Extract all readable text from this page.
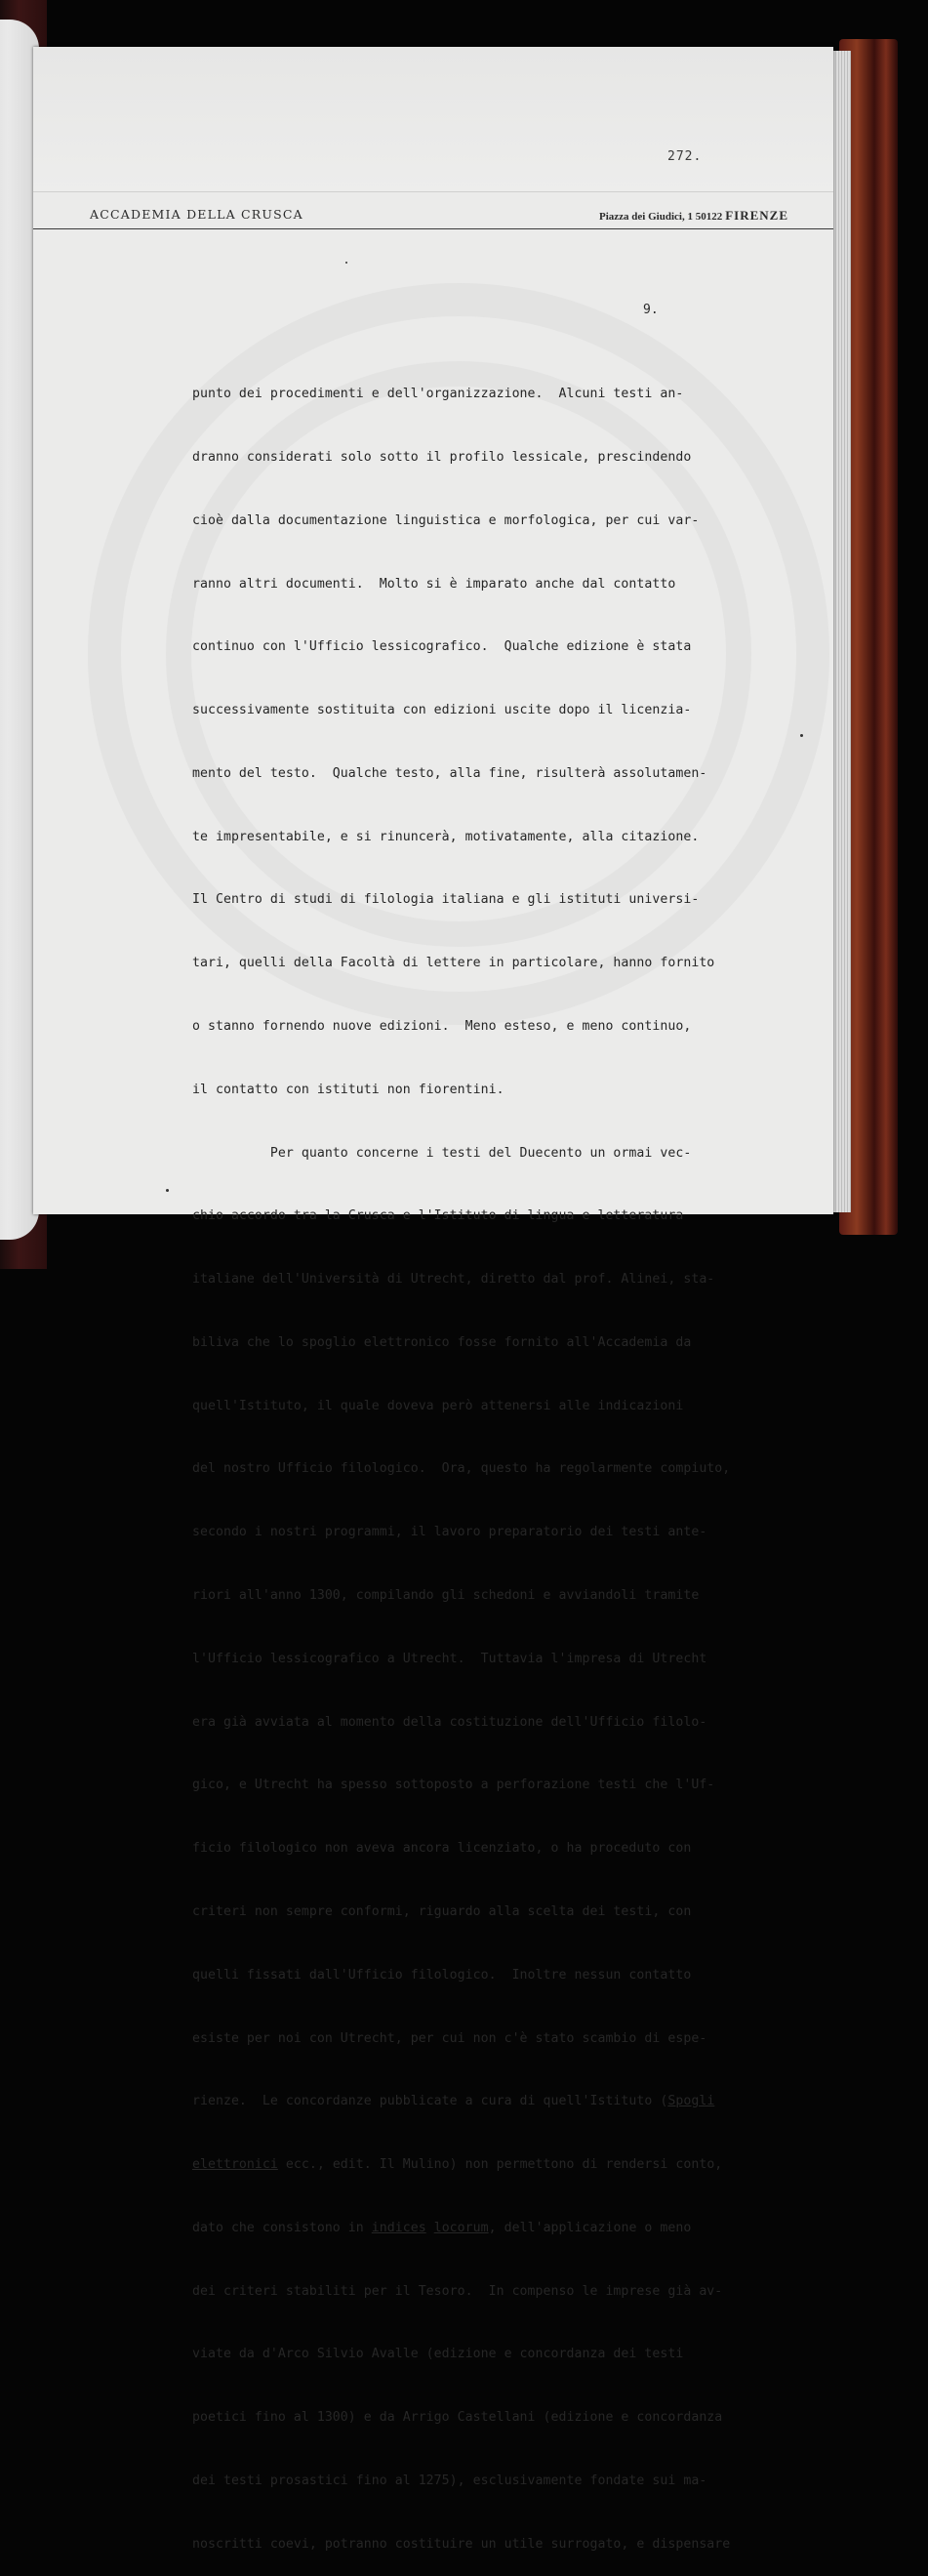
272.
ACCADEMIA DELLA CRUSCA	Piazza dei Giudici, 1 50122 FIRENZE
9.

punto dei procedimenti e dell'organizzazione.  Alcuni testi an-

dranno considerati solo sotto il profilo lessicale, prescindendo

cioè dalla documentazione linguistica e morfologica, per cui var-

ranno altri documenti.  Molto si è imparato anche dal contatto

continuo con l'Ufficio lessicografico.  Qualche edizione è stata

successivamente sostituita con edizioni uscite dopo il licenzia-

mento del testo.  Qualche testo, alla fine, risulterà assolutamen-

te impresentabile, e si rinuncerà, motivatamente, alla citazione.

Il Centro di studi di filologia italiana e gli istituti universi-

tari, quelli della Facoltà di lettere in particolare, hanno fornito

o stanno fornendo nuove edizioni.  Meno esteso, e meno continuo,

il contatto con istituti non fiorentini.

Per quanto concerne i testi del Duecento un ormai vec-

chio accordo tra la Crusca e l'Istituto di lingua e letteratura

italiane dell'Università di Utrecht, diretto dal prof. Alinei, sta-

biliva che lo spoglio elettronico fosse fornito all'Accademia da

quell'Istituto, il quale doveva però attenersi alle indicazioni

del nostro Ufficio filologico.  Ora, questo ha regolarmente compiuto,

secondo i nostri programmi, il lavoro preparatorio dei testi ante-

riori all'anno 1300, compilando gli schedoni e avviandoli tramite

l'Ufficio lessicografico a Utrecht.  Tuttavia l'impresa di Utrecht

era già avviata al momento della costituzione dell'Ufficio filolo-

gico, e Utrecht ha spesso sottoposto a perforazione testi che l'Uf-

ficio filologico non aveva ancora licenziato, o ha proceduto con

criteri non sempre conformi, riguardo alla scelta dei testi, con

quelli fissati dall'Ufficio filologico.  Inoltre nessun contatto

esiste per noi con Utrecht, per cui non c'è stato scambio di espe-

rienze.  Le concordanze pubblicate a cura di quell'Istituto (Spogli

elettronici ecc., edit. Il Mulino) non permettono di rendersi conto,

dato che consistono in indices locorum, dell'applicazione o meno

dei criteri stabiliti per il Tesoro.  In compenso le imprese già av-

viate da d'Arco Silvio Avalle (edizione e concordanza dei testi

poetici fino al 1300) e da Arrigo Castellani (edizione e concordanza

dei testi prosastici fino al 1275), esclusivamente fondate sui ma-

noscritti coevi, potranno costituire un utile surrogato, e dispensare
